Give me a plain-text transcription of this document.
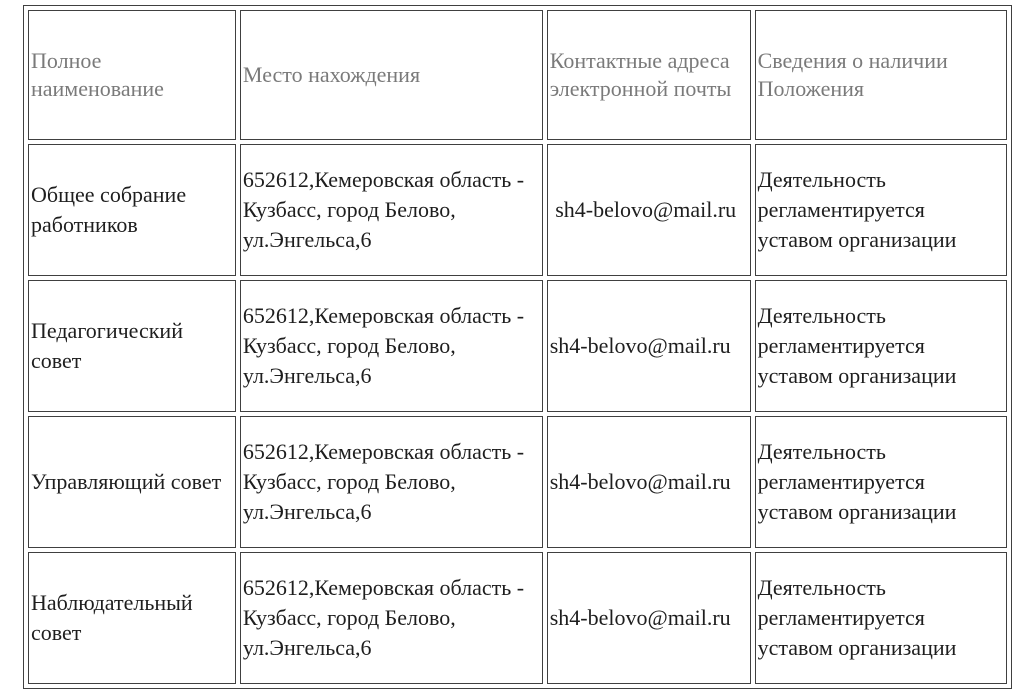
Полное наименование	Место нахождения	Контактные адреса электронной почты	Сведения о наличии Положения
Общее собрание работников	652612,Кемеровская область - Кузбасс, город Белово, ул.Энгельса,6	sh4-belovo@mail.ru	Деятельность регламентируется уставом организации
Педагогический совет	652612,Кемеровская область - Кузбасс, город Белово, ул.Энгельса,6	sh4-belovo@mail.ru	Деятельность регламентируется уставом организации
Управляющий совет	652612,Кемеровская область - Кузбасс, город Белово, ул.Энгельса,6	sh4-belovo@mail.ru	Деятельность регламентируется уставом организации
Наблюдательный совет	652612,Кемеровская область - Кузбасс, город Белово, ул.Энгельса,6	sh4-belovo@mail.ru	Деятельность регламентируется уставом организации
